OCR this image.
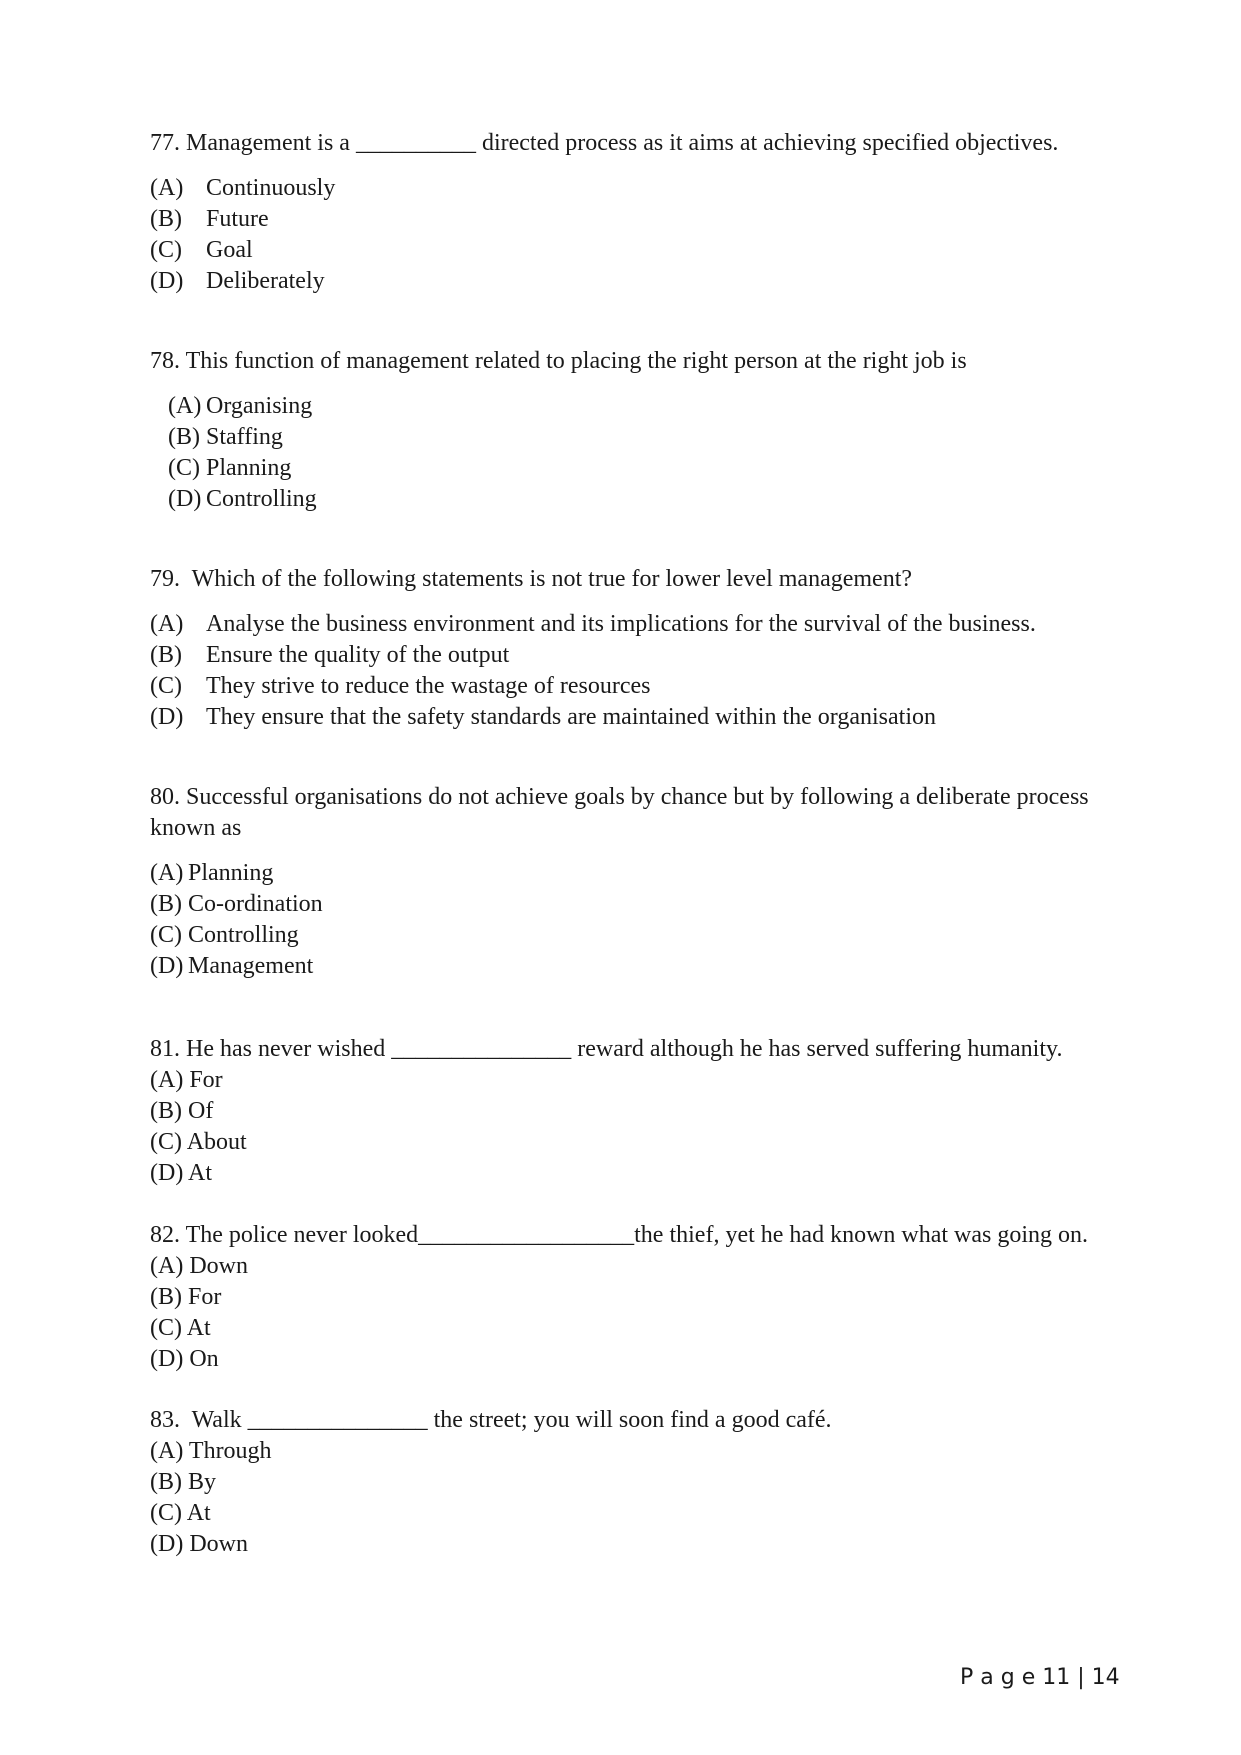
77. Management is a __________ directed process as it aims at achieving specified objectives.
(A) Continuously
(B) Future
(C) Goal
(D) Deliberately
78. This function of management related to placing the right person at the right job is
(A) Organising
(B) Staffing
(C) Planning
(D) Controlling
79.  Which of the following statements is not true for lower level management?
(A) Analyse the business environment and its implications for the survival of the business.
(B) Ensure the quality of the output
(C) They strive to reduce the wastage of resources
(D) They ensure that the safety standards are maintained within the organisation
80. Successful organisations do not achieve goals by chance but by following a deliberate process known as
(A) Planning
(B) Co-ordination
(C) Controlling
(D) Management
81. He has never wished _______________ reward although he has served suffering humanity.
(A) For
(B) Of
(C) About
(D) At
82. The police never looked__________________the thief, yet he had known what was going on.
(A) Down
(B) For
(C) At
(D) On
83.  Walk _______________ the street; you will soon find a good café.
(A) Through
(B) By
(C) At
(D) Down
P a g e 11 | 14
